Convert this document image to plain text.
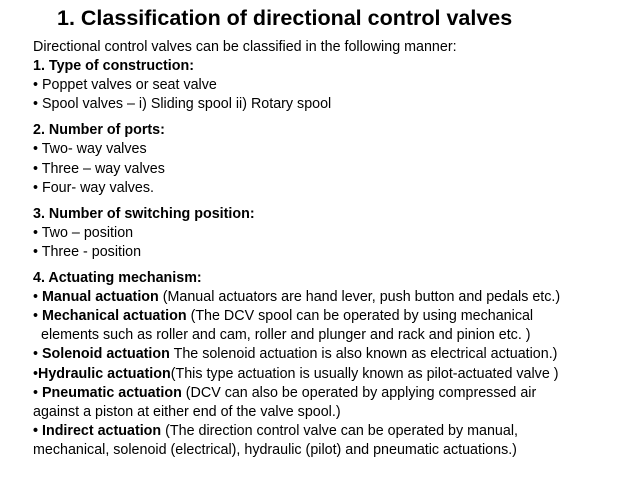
1. Classification of directional control valves
Directional control valves can be classified in the following manner:
1. Type of construction:
• Poppet valves or seat valve
• Spool valves – i) Sliding spool ii) Rotary spool
2. Number of ports:
• Two- way valves
• Three – way valves
• Four- way valves.
3. Number of switching position:
• Two – position
• Three - position
4. Actuating mechanism:
• Manual actuation (Manual actuators are hand lever, push button and pedals etc.)
• Mechanical actuation (The DCV spool can be operated by using mechanical
elements such as roller and cam, roller and plunger and rack and pinion etc. )
• Solenoid actuation The solenoid actuation is also known as electrical actuation.)
•Hydraulic actuation(This type actuation is usually known as pilot-actuated valve )
• Pneumatic actuation (DCV can also be operated by applying compressed air
against a piston at either end of the valve spool.)
• Indirect actuation (The direction control valve can be operated by manual,
mechanical, solenoid (electrical), hydraulic (pilot) and pneumatic actuations.)
